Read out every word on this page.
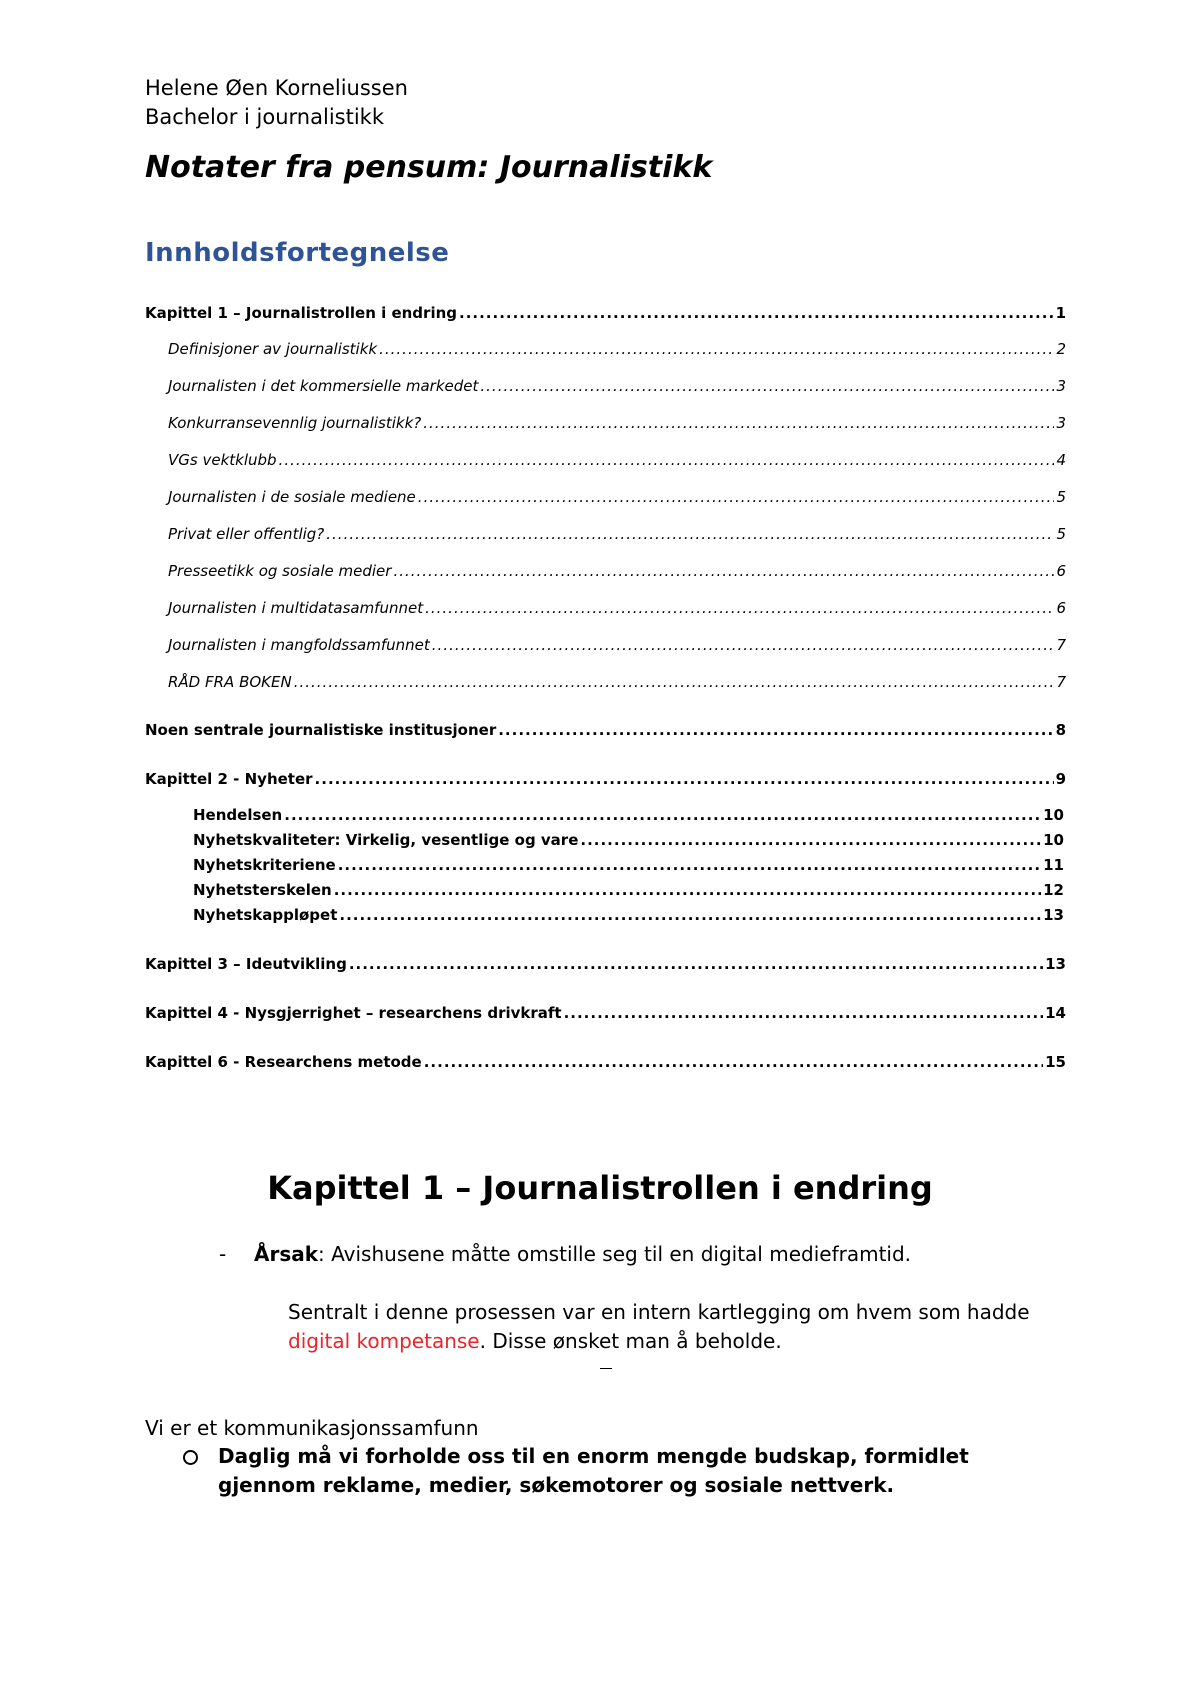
Helene Øen Korneliussen
Bachelor i journalistikk
Notater fra pensum: Journalistikk
Innholdsfortegnelse
Kapittel 1 – Journalistrollen i endring .....	1
Definisjoner av journalistikk .....	2
Journalisten i det kommersielle markedet .....	3
Konkurransevennlig journalistikk? .....	3
VGs vektklubb .....	4
Journalisten i de sosiale mediene .....	5
Privat eller offentlig? .....	5
Presseetikk og sosiale medier .....	6
Journalisten i multidatasamfunnet .....	6
Journalisten i mangfoldssamfunnet .....	7
RÅD FRA BOKEN .....	7
Noen sentrale journalistiske institusjoner .....	8
Kapittel 2 - Nyheter .....	9
Hendelsen .....	10
Nyhetskvaliteter: Virkelig, vesentlige og vare .....	10
Nyhetskriteriene .....	11
Nyhetsterskelen .....	12
Nyhetskappløpet .....	13
Kapittel 3 – Ideutvikling .....	13
Kapittel 4 - Nysgjerrighet – researchens drivkraft .....	14
Kapittel 6 - Researchens metode .....	15
Kapittel 1 – Journalistrollen i endring
- Årsak: Avishusene måtte omstille seg til en digital medieframtid.
Sentralt i denne prosessen var en intern kartlegging om hvem som hadde
digital kompetanse. Disse ønsket man å beholde.
Vi er et kommunikasjonssamfunn
Daglig må vi forholde oss til en enorm mengde budskap, formidlet gjennom reklame, medier, søkemotorer og sosiale nettverk.
